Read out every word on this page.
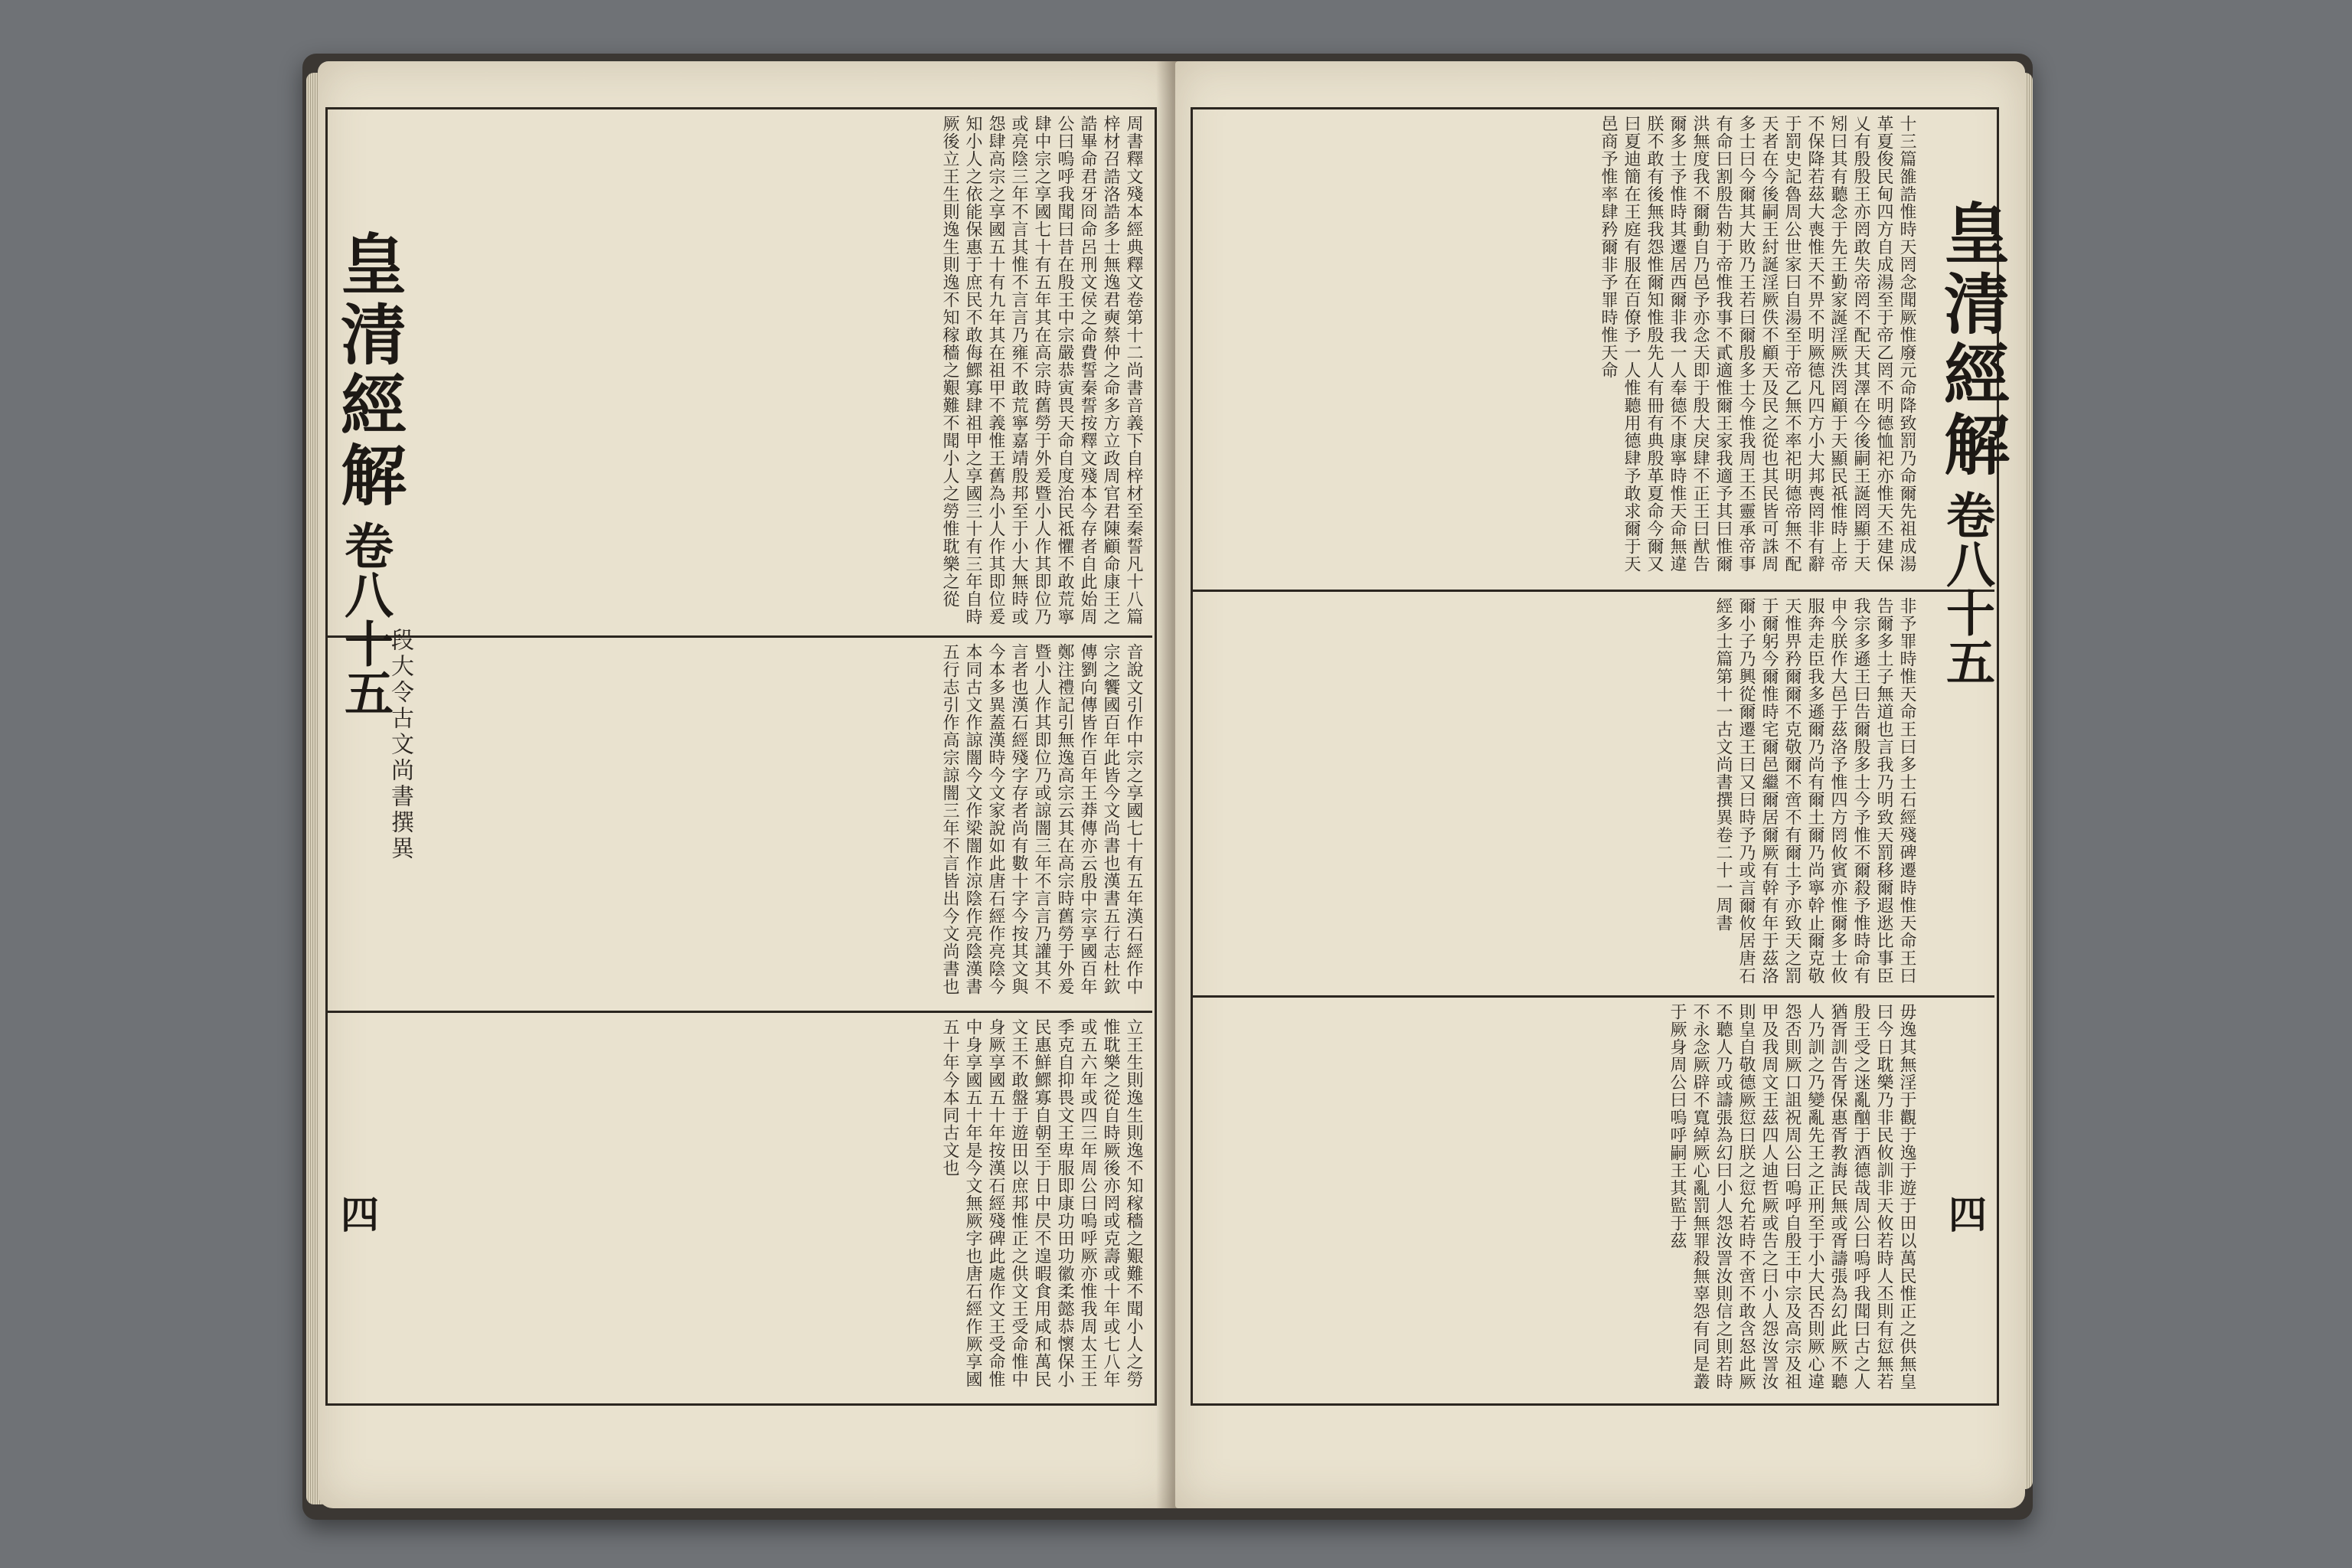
周書釋文殘本經典釋文卷第十二尚書音義下自梓材至秦誓凡十八篇梓材召誥洛誥多士無逸君奭蔡仲之命多方立政周官君陳顧命康王之誥畢命君牙冏命呂刑文侯之命費誓秦誓按釋文殘本今存者自此始周公曰嗚呼我聞曰昔在殷王中宗嚴恭寅畏天命自度治民祗懼不敢荒寧肆中宗之享國七十有五年其在高宗時舊勞于外爰暨小人作其即位乃或亮陰三年不言其惟不言言乃雍不敢荒寧嘉靖殷邦至于小大無時或怨肆高宗之享國五十有九年其在祖甲不義惟王舊為小人作其即位爰知小人之依能保惠于庶民不敢侮鰥寡肆祖甲之享國三十有三年自時厥後立王生則逸生則逸不知稼穡之艱難不聞小人之勞惟耽樂之從
音說文引作中宗之享國七十有五年漢石經作中宗之饗國百年此皆今文尚書也漢書五行志杜欽傳劉向傳皆作百年王莽傳亦云殷中宗享國百年鄭注禮記引無逸高宗云其在高宗時舊勞于外爰暨小人作其即位乃或諒闇三年不言言乃讙其不言者也漢石經殘字存者尚有數十字今按其文與今本多異蓋漢時今文家說如此唐石經作亮陰今本同古文作諒闇今文作梁闇作涼陰作亮陰漢書五行志引作高宗諒闇三年不言皆出今文尚書也
立王生則逸生則逸不知稼穡之艱難不聞小人之勞惟耽樂之從自時厥後亦罔或克壽或十年或七八年或五六年或四三年周公曰嗚呼厥亦惟我周太王王季克自抑畏文王卑服即康功田功徽柔懿恭懷保小民惠鮮鰥寡自朝至于日中昃不遑暇食用咸和萬民文王不敢盤于遊田以庶邦惟正之供文王受命惟中身厥享國五十年按漢石經殘碑此處作文王受命惟中身享國五十年是今文無厥字也唐石經作厥享國五十年今本同古文也
皇清經解
卷八十五
段大令古文尚書撰異
四
十三篇雒誥惟時天罔念聞厥惟廢元命降致罰乃命爾先祖成湯革夏俊民甸四方自成湯至于帝乙罔不明德恤祀亦惟天丕建保乂有殷殷王亦罔敢失帝罔不配天其澤在今後嗣王誕罔顯于天矧曰其有聽念于先王勤家誕淫厥泆罔顧于天顯民祇惟時上帝不保降若茲大喪惟天不畀不明厥德凡四方小大邦喪罔非有辭于罰史記魯周公世家曰自湯至于帝乙無不率祀明德帝無不配天者在今後嗣王紂誕淫厥佚不顧天及民之從也其民皆可誅周多士曰今爾其大敗乃王若曰爾殷多士今惟我周王丕靈承帝事有命曰割殷告勑于帝惟我事不貳適惟爾王家我適予其曰惟爾洪無度我不爾動自乃邑予亦念天即于殷大戾肆不正王曰猷告爾多士予惟時其遷居西爾非我一人奉德不康寧時惟天命無違朕不敢有後無我怨惟爾知惟殷先人有冊有典殷革夏命今爾又曰夏迪簡在王庭有服在百僚予一人惟聽用德肆予敢求爾于天邑商予惟率肆矜爾非予罪時惟天命
非予罪時惟天命王曰多士石經殘碑遷時惟天命王曰告爾多土子無道也言我乃明致天罰移爾遐逖比事臣我宗多遜王曰告爾殷多士今予惟不爾殺予惟時命有申今朕作大邑于茲洛予惟四方罔攸賓亦惟爾多士攸服奔走臣我多遜爾乃尚有爾土爾乃尚寧幹止爾克敬天惟畀矜爾爾不克敬爾不啻不有爾土予亦致天之罰于爾躬今爾惟時宅爾邑繼爾居爾厥有幹有年于茲洛爾小子乃興從爾遷王曰又曰時予乃或言爾攸居唐石經多士篇第十一古文尚書撰異卷二十一周書
毋逸其無淫于觀于逸于遊于田以萬民惟正之供無皇曰今日耽樂乃非民攸訓非天攸若時人丕則有愆無若殷王受之迷亂酗于酒德哉周公曰嗚呼我聞曰古之人猶胥訓告胥保惠胥教誨民無或胥譸張為幻此厥不聽人乃訓之乃變亂先王之正刑至于小大民否則厥心違怨否則厥口詛祝周公曰嗚呼自殷王中宗及高宗及祖甲及我周文王茲四人迪哲厥或告之曰小人怨汝詈汝則皇自敬德厥愆曰朕之愆允若時不啻不敢含怒此厥不聽人乃或譸張為幻曰小人怨汝詈汝則信之則若時不永念厥辟不寬綽厥心亂罰無罪殺無辜怨有同是叢于厥身周公曰嗚呼嗣王其監于茲
皇清經解
卷八十五
四
